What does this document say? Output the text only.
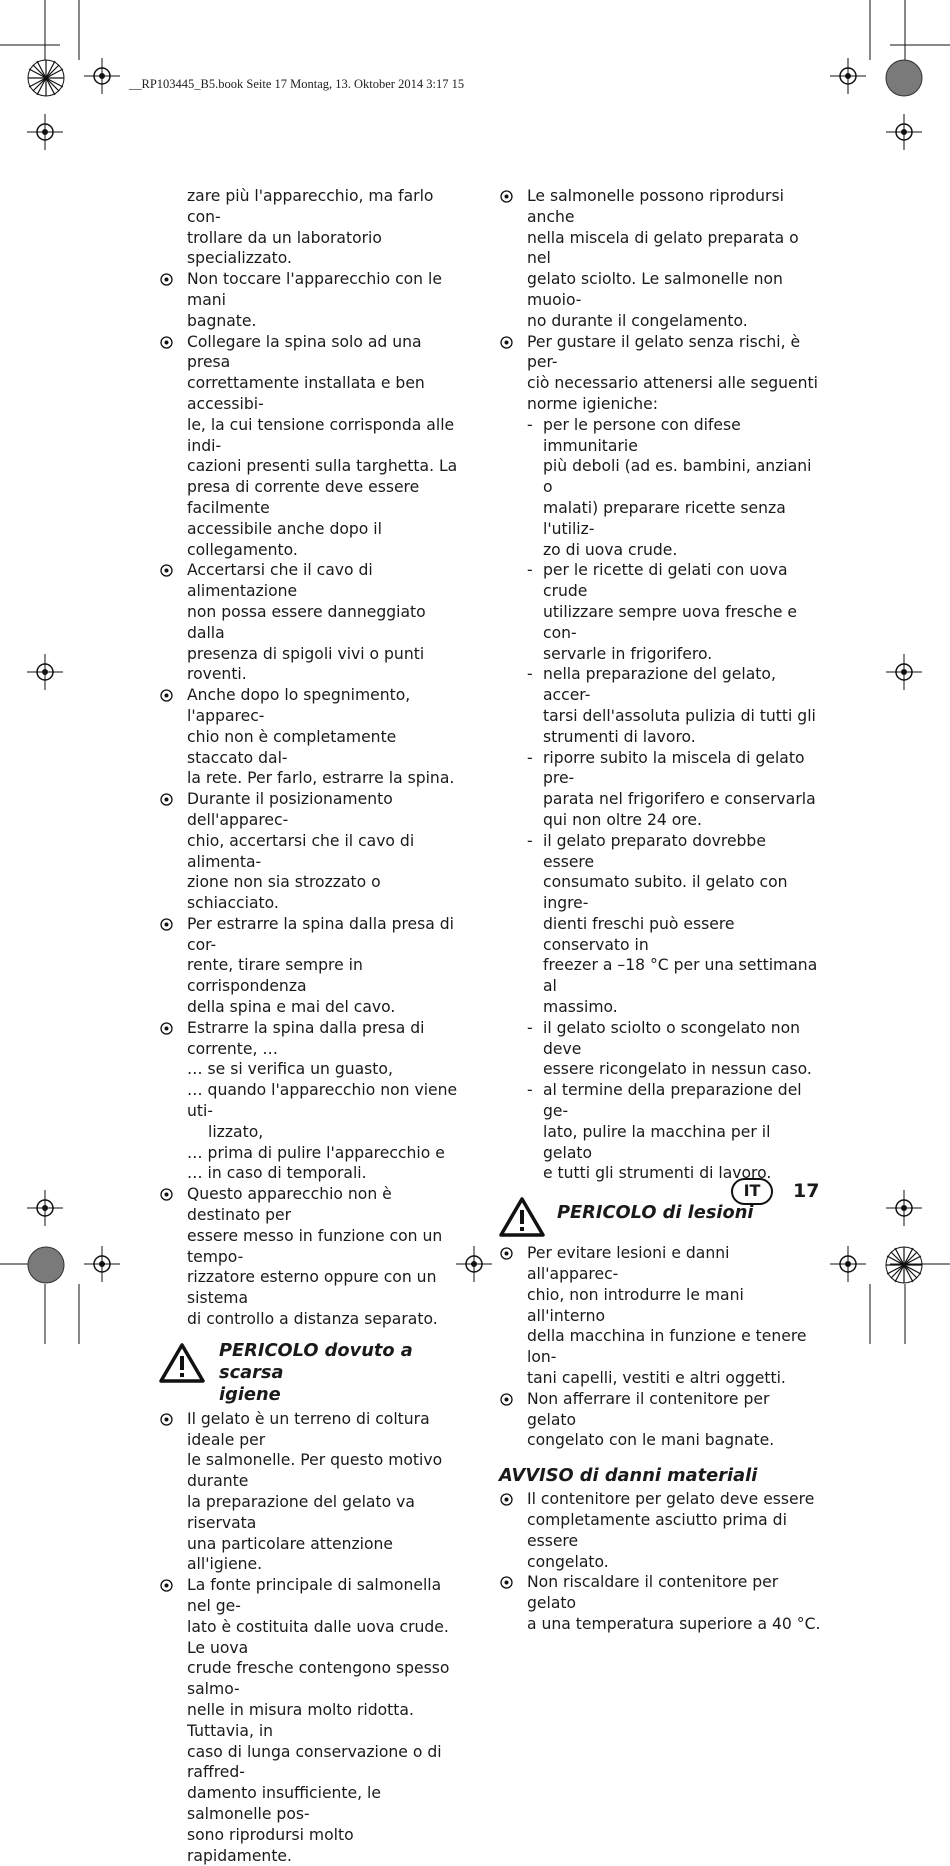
__RP103445_B5.book Seite 17 Montag, 13. Oktober 2014 3:17 15
zare più l'apparecchio, ma farlo con-
trollare da un laboratorio specializzato.
Non toccare l'apparecchio con le mani
bagnate.
Collegare la spina solo ad una presa
correttamente installata e ben accessibi-
le, la cui tensione corrisponda alle indi-
cazioni presenti sulla targhetta. La
presa di corrente deve essere facilmente
accessibile anche dopo il collegamento.
Accertarsi che il cavo di alimentazione
non possa essere danneggiato dalla
presenza di spigoli vivi o punti roventi.
Anche dopo lo spegnimento, l'apparec-
chio non è completamente staccato dal-
la rete. Per farlo, estrarre la spina.
Durante il posizionamento dell'apparec-
chio, accertarsi che il cavo di alimenta-
zione non sia strozzato o schiacciato.
Per estrarre la spina dalla presa di cor-
rente, tirare sempre in corrispondenza
della spina e mai del cavo.
Estrarre la spina dalla presa di corrente, …
… se si verifica un guasto,
… quando l'apparecchio non viene uti-
lizzato,
… prima di pulire l'apparecchio e
… in caso di temporali.
Questo apparecchio non è destinato per
essere messo in funzione con un tempo-
rizzatore esterno oppure con un sistema
di controllo a distanza separato.
PERICOLO dovuto a scarsa
igiene
Il gelato è un terreno di coltura ideale per
le salmonelle. Per questo motivo durante
la preparazione del gelato va riservata
una particolare attenzione all'igiene.
La fonte principale di salmonella nel ge-
lato è costituita dalle uova crude. Le uova
crude fresche contengono spesso salmo-
nelle in misura molto ridotta. Tuttavia, in
caso di lunga conservazione o di raffred-
damento insufficiente, le salmonelle pos-
sono riprodursi molto rapidamente.
Le salmonelle possono riprodursi anche
nella miscela di gelato preparata o nel
gelato sciolto. Le salmonelle non muoio-
no durante il congelamento.
Per gustare il gelato senza rischi, è per-
ciò necessario attenersi alle seguenti
norme igieniche:
- per le persone con difese immunitarie
più deboli (ad es. bambini, anziani o
malati) preparare ricette senza l'utiliz-
zo di uova crude.
- per le ricette di gelati con uova crude
utilizzare sempre uova fresche e con-
servarle in frigorifero.
- nella preparazione del gelato, accer-
tarsi dell'assoluta pulizia di tutti gli
strumenti di lavoro.
- riporre subito la miscela di gelato pre-
parata nel frigorifero e conservarla
qui non oltre 24 ore.
- il gelato preparato dovrebbe essere
consumato subito. il gelato con ingre-
dienti freschi può essere conservato in
freezer a –18 °C per una settimana al
massimo.
- il gelato sciolto o scongelato non deve
essere ricongelato in nessun caso.
- al termine della preparazione del ge-
lato, pulire la macchina per il gelato
e tutti gli strumenti di lavoro.
PERICOLO di lesioni
Per evitare lesioni e danni all'apparec-
chio, non introdurre le mani all'interno
della macchina in funzione e tenere lon-
tani capelli, vestiti e altri oggetti.
Non afferrare il contenitore per gelato
congelato con le mani bagnate.
AVVISO di danni materiali
Il contenitore per gelato deve essere
completamente asciutto prima di essere
congelato.
Non riscaldare il contenitore per gelato
a una temperatura superiore a 40 °C.
IT	17
